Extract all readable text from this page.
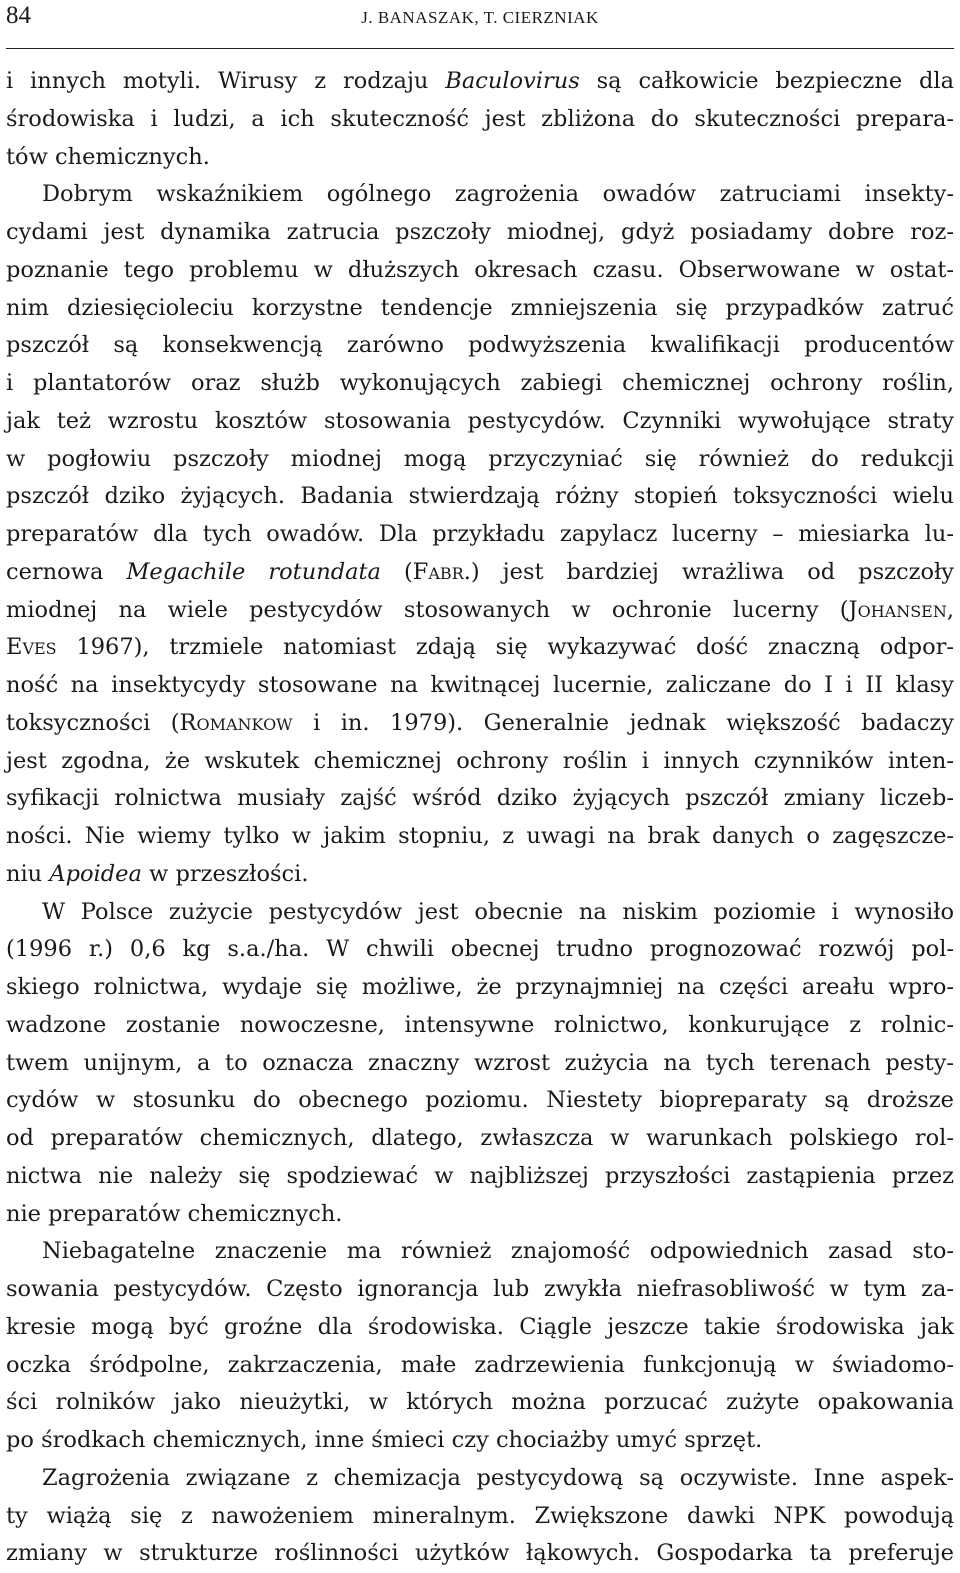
84	J. BANASZAK, T. CIERZNIAK
i innych motyli. Wirusy z rodzaju Baculovirus są całkowicie bezpieczne dla
środowiska i ludzi, a ich skuteczność jest zbliżona do skuteczności prepara-
tów chemicznych.
Dobrym wskaźnikiem ogólnego zagrożenia owadów zatruciami insekty-
cydami jest dynamika zatrucia pszczoły miodnej, gdyż posiadamy dobre roz-
poznanie tego problemu w dłuższych okresach czasu. Obserwowane w ostat-
nim dziesięcioleciu korzystne tendencje zmniejszenia się przypadków zatruć
pszczół są konsekwencją zarówno podwyższenia kwalifikacji producentów
i plantatorów oraz służb wykonujących zabiegi chemicznej ochrony roślin,
jak też wzrostu kosztów stosowania pestycydów. Czynniki wywołujące straty
w pogłowiu pszczoły miodnej mogą przyczyniać się również do redukcji
pszczół dziko żyjących. Badania stwierdzają różny stopień toksyczności wielu
preparatów dla tych owadów. Dla przykładu zapylacz lucerny – miesiarka lu-
cernowa Megachile rotundata (Fabr.) jest bardziej wrażliwa od pszczoły
miodnej na wiele pestycydów stosowanych w ochronie lucerny (Johansen,
Eves 1967), trzmiele natomiast zdają się wykazywać dość znaczną odpor-
ność na insektycydy stosowane na kwitnącej lucernie, zaliczane do I i II klasy
toksyczności (Romankow i in. 1979). Generalnie jednak większość badaczy
jest zgodna, że wskutek chemicznej ochrony roślin i innych czynników inten-
syfikacji rolnictwa musiały zajść wśród dziko żyjących pszczół zmiany liczeb-
ności. Nie wiemy tylko w jakim stopniu, z uwagi na brak danych o zagęszcze-
niu Apoidea w przeszłości.
W Polsce zużycie pestycydów jest obecnie na niskim poziomie i wynosiło
(1996 r.) 0,6 kg s.a./ha. W chwili obecnej trudno prognozować rozwój pol-
skiego rolnictwa, wydaje się możliwe, że przynajmniej na części areału wpro-
wadzone zostanie nowoczesne, intensywne rolnictwo, konkurujące z rolnic-
twem unijnym, a to oznacza znaczny wzrost zużycia na tych terenach pesty-
cydów w stosunku do obecnego poziomu. Niestety biopreparaty są droższe
od preparatów chemicznych, dlatego, zwłaszcza w warunkach polskiego rol-
nictwa nie należy się spodziewać w najbliższej przyszłości zastąpienia przez
nie preparatów chemicznych.
Niebagatelne znaczenie ma również znajomość odpowiednich zasad sto-
sowania pestycydów. Często ignorancja lub zwykła niefrasobliwość w tym za-
kresie mogą być groźne dla środowiska. Ciągle jeszcze takie środowiska jak
oczka śródpolne, zakrzaczenia, małe zadrzewienia funkcjonują w świadomo-
ści rolników jako nieużytki, w których można porzucać zużyte opakowania
po środkach chemicznych, inne śmieci czy chociażby umyć sprzęt.
Zagrożenia związane z chemizacja pestycydową są oczywiste. Inne aspek-
ty wiążą się z nawożeniem mineralnym. Zwiększone dawki NPK powodują
zmiany w strukturze roślinności użytków łąkowych. Gospodarka ta preferuje
